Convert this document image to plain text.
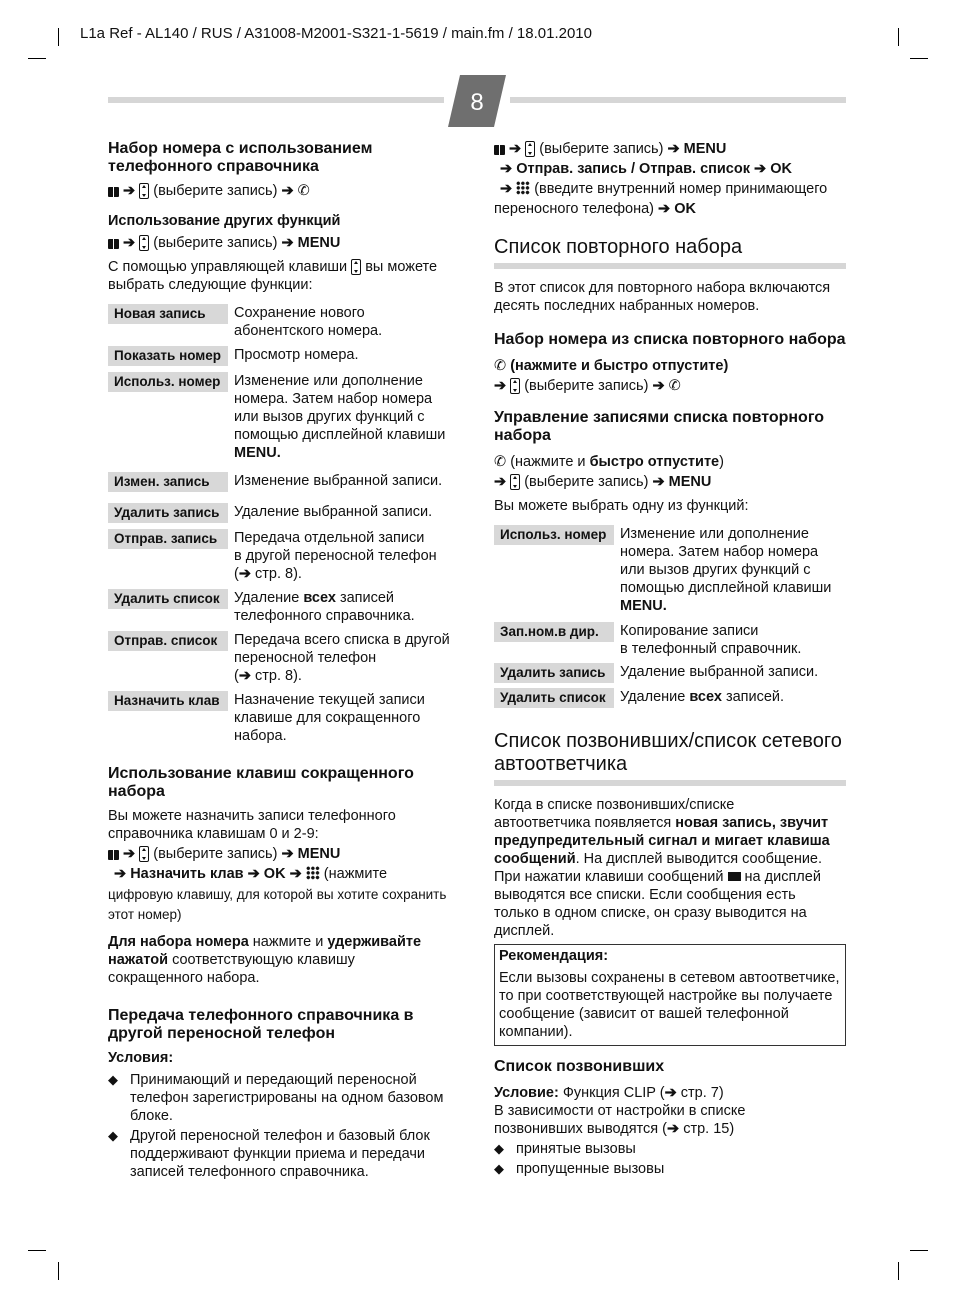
L1a Ref - AL140 / RUS / A31008-M2001-S321-1-5619 / main.fm / 18.01.2010
8
Набор номера с использованием телефонного справочника
➔ (выберите запись) ➔ ✆
Использование других функций
➔ (выберите запись) ➔ MENU

С помощью управляющей клавиши вы можете
выбрать следующие функции:

Новая запись	Сохранение нового
абонентского номера.
Показать номер Просмотр номера.
Использ. номер Изменение или дополнение
номера. Затем набор номера
или вызов других функций с
помощью дисплейной клавиши
MENU.
Измен. запись	Изменение выбранной записи.
Удалить запись	Удаление выбранной записи.
Отправ. запись	Передача отдельной записи
в другой переносной телефон
(➔ стр. 8).
Удалить список Удаление всех записей
телефонного справочника.
Отправ. список	Передача всего списка в другой
переносной телефон
(➔ стр. 8).
Назначить клав Назначение текущей записи
клавише для сокращенного
набора.
Использование клавиш сокращенного набора

Вы можете назначить записи телефонного
справочника клавишам 0 и 2-9:

➔ (выберите запись) ➔ MENU
➔ Назначить клав ➔ OK ➔ (нажмите

цифровую клавишу, для которой вы хотите сохранить
этот номер)

Для набора номера нажмите и удерживайте
нажатой соответствующую клавишу
сокращенного набора.

Передача телефонного справочника в другой переносной телефон
Условия:
◆ Принимающий и передающий переносной
телефон зарегистрированы на одном базовом
блоке.
◆ Другой переносной телефон и базовый блок
поддерживают функции приема и передачи
записей телефонного справочника.
➔ (выберите запись) ➔ MENU
➔ Отправ. запись / Отправ. список ➔ OK
➔ (введите внутренний номер принимающего
переносного телефона) ➔ OK
Список повторного набора

В этот список для повторного набора включаются
десять последних набранных номеров.

Набор номера из списка повторного набора
✆ (нажмите и быстро отпустите)
➔ (выберите запись) ➔ ✆
Управление записями списка повторного набора
✆ (нажмите и быстро отпустите)
➔ (выберите запись) ➔ MENU

Вы можете выбрать одну из функций:

Использ. номер Изменение или дополнение
номера. Затем набор номера
или вызов других функций с
помощью дисплейной клавиши
MENU.
Зап.ном.в дир.	Копирование записи
в телефонный справочник.
Удалить запись	Удаление выбранной записи.
Удалить список Удаление всех записей.
Список позвонивших/список сетевого автоответчика

Когда в списке позвонивших/списке
автоответчика появляется новая запись, звучит
предупредительный сигнал и мигает клавиша
сообщений. На дисплей выводится сообщение.

При нажатии клавиши сообщений на дисплей
выводятся все списки. Если сообщения есть
только в одном списке, он сразу выводится на
дисплей.

Рекомендация:
Если вызовы сохранены в сетевом автоответчике,
то при соответствующей настройке вы получаете
сообщение (зависит от вашей телефонной
компании).
Список позвонивших

Условие: Функция CLIP (➔ стр. 7)

В зависимости от настройки в списке
позвонивших выводятся (➔ стр. 15)

◆ принятые вызовы
◆ пропущенные вызовы
